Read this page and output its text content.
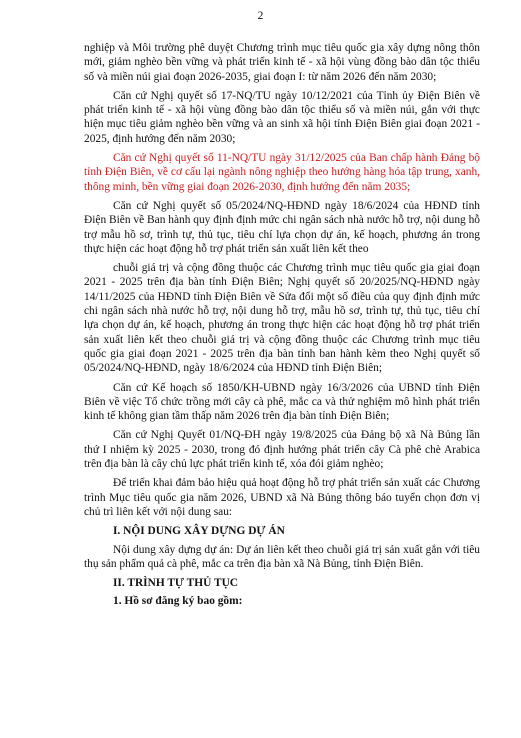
2

nghiệp và Môi trường phê duyệt Chương trình mục tiêu quốc gia xây dựng nông thôn mới, giảm nghèo bền vững và phát triển kinh tế - xã hội vùng đồng bào dân tộc thiểu số và miền núi giai đoạn 2026-2035, giai đoạn I: từ năm 2026 đến năm 2030;

Căn cứ Nghị quyết số 17-NQ/TU ngày 10/12/2021 của Tỉnh ủy Điện Biên về phát triển kinh tế - xã hội vùng đồng bào dân tộc thiểu số và miền núi, gắn với thực hiện mục tiêu giảm nghèo bền vững và an sinh xã hội tỉnh Điện Biên giai đoạn 2021 - 2025, định hướng đến năm 2030;

Căn cứ Nghị quyết số 11-NQ/TU ngày 31/12/2025 của Ban chấp hành Đảng bộ tỉnh Điện Biên, về cơ cấu lại ngành nông nghiệp theo hướng hàng hóa tập trung, xanh, thông minh, bền vững giai đoạn 2026-2030, định hướng đến năm 2035;

Căn cứ Nghị quyết số 05/2024/NQ-HĐND ngày 18/6/2024 của HĐND tỉnh Điện Biên về Ban hành quy định định mức chi ngân sách nhà nước hỗ trợ, nội dung hỗ trợ mẫu hồ sơ, trình tự, thủ tục, tiêu chí lựa chọn dự án, kế hoạch, phương án trong thực hiện các hoạt động hỗ trợ phát triển sản xuất liên kết theo

chuỗi giá trị và cộng đồng thuộc các Chương trình mục tiêu quốc gia giai đoạn 2021 - 2025 trên địa bàn tỉnh Điện Biên; Nghị quyết số 20/2025/NQ-HĐND ngày 14/11/2025 của HĐND tỉnh Điện Biên về Sửa đổi một số điều của quy định định mức chi ngân sách nhà nước hỗ trợ, nội dung hỗ trợ, mẫu hồ sơ, trình tự, thủ tục, tiêu chí lựa chọn dự án, kế hoạch, phương án trong thực hiện các hoạt động hỗ trợ phát triển sản xuất liên kết theo chuỗi giá trị và cộng đồng thuộc các Chương trình mục tiêu quốc gia giai đoạn 2021 - 2025 trên địa bàn tỉnh ban hành kèm theo Nghị quyết số 05/2024/NQ-HĐND, ngày 18/6/2024 của HĐND tỉnh Điện Biên;

Căn cứ Kế hoạch số 1850/KH-UBND ngày 16/3/2026 của UBND tỉnh Điện Biên về việc Tổ chức trồng mới cây cà phê, mắc ca và thử nghiệm mô hình phát triển kinh tế không gian tầm thấp năm 2026 trên địa bàn tỉnh Điện Biên;

Căn cứ Nghị Quyết 01/NQ-ĐH ngày 19/8/2025 của Đảng bộ xã Nà Bủng lần thứ I nhiệm kỳ 2025 - 2030, trong đó định hướng phát triển cây Cà phê chè Arabica trên địa bàn là cây chủ lực phát triển kinh tế, xóa đói giảm nghèo;

Để triển khai đảm bảo hiệu quả hoạt động hỗ trợ phát triển sản xuất các Chương trình Mục tiêu quốc gia năm 2026, UBND xã Nà Bủng thông báo tuyển chọn đơn vị chủ trì liên kết với nội dung sau:

I. NỘI DUNG XÂY DỰNG DỰ ÁN

Nội dung xây dựng dự án: Dự án liên kết theo chuỗi giá trị sản xuất gắn với tiêu thụ sản phẩm quả cà phê, mắc ca trên địa bàn xã Nà Bủng, tỉnh Điện Biên.

II. TRÌNH TỰ THỦ TỤC

1. Hồ sơ đăng ký bao gồm:
